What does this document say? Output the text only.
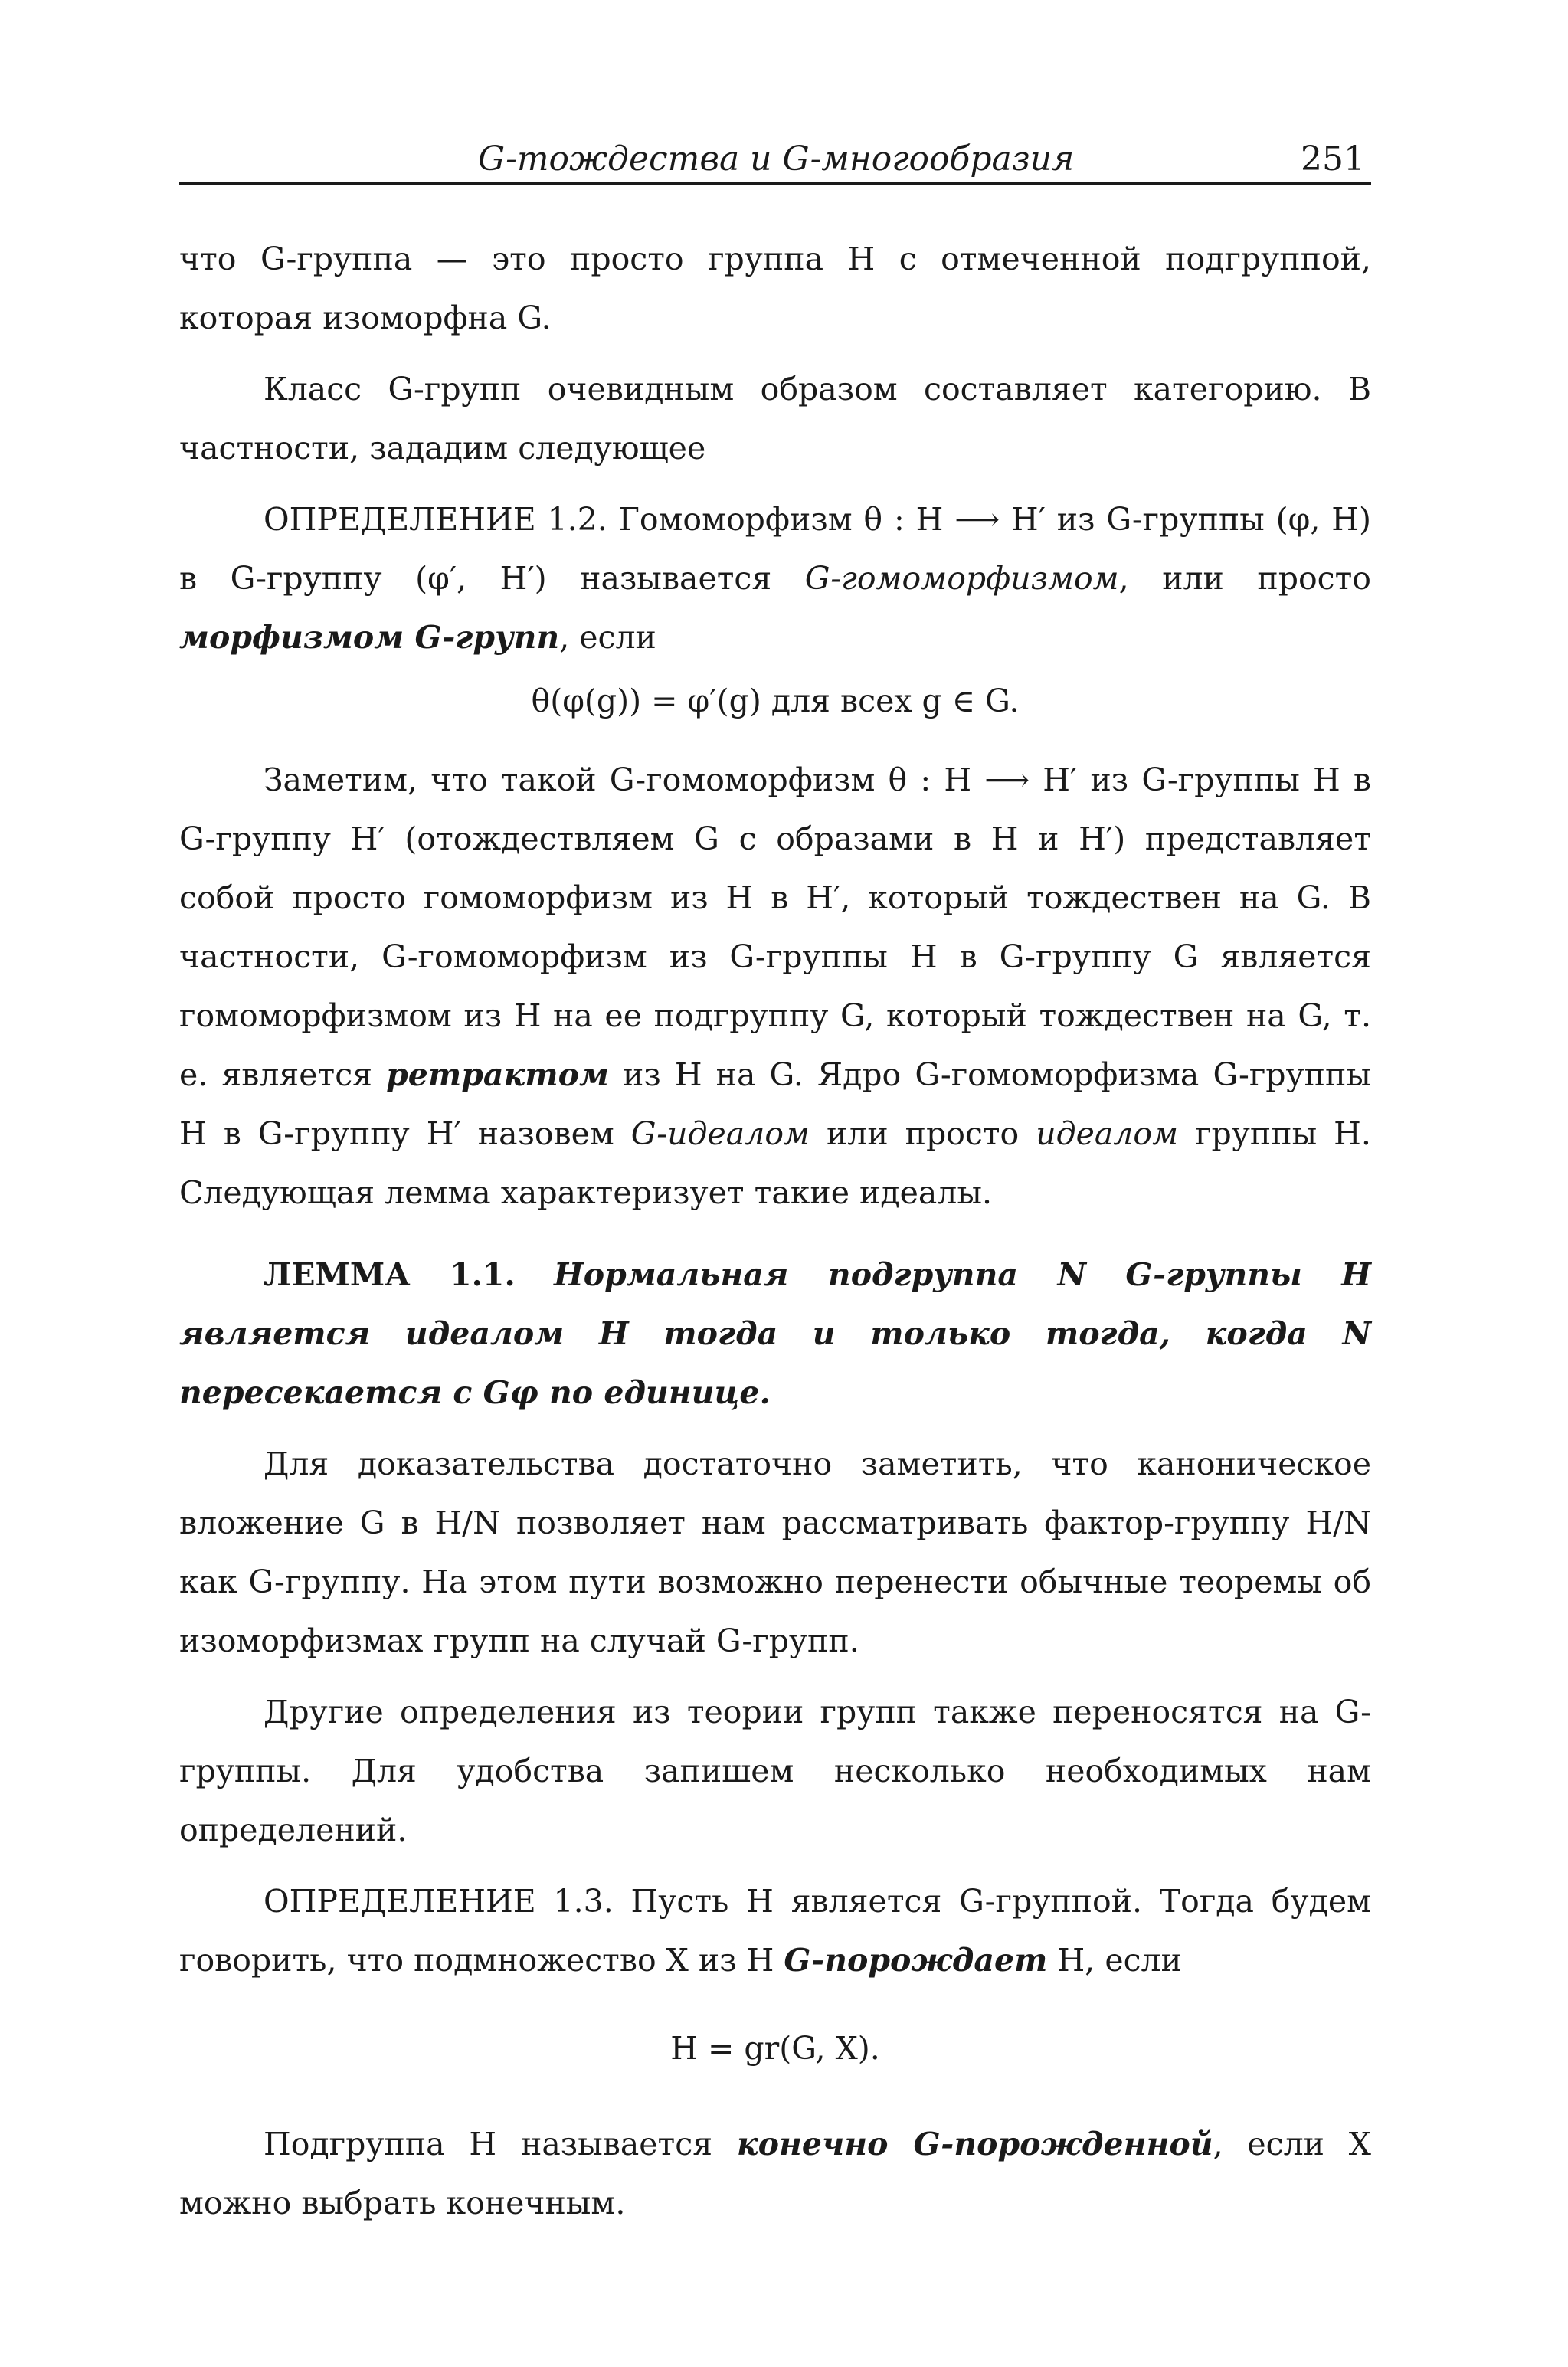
G-тождества и G-многообразия	251

что G-группа — это просто группа H с отмеченной подгруппой, которая изоморфна G.

Класс G-групп очевидным образом составляет категорию. В частности, зададим следующее

ОПРЕДЕЛЕНИЕ 1.2. Гомоморфизм θ : H ⟶ H′ из G-группы (φ, H) в G-группу (φ′, H′) называется G-гомоморфизмом, или просто морфизмом G-групп, если

θ(φ(g)) = φ′(g) для всех g ∈ G.

Заметим, что такой G-гомоморфизм θ : H ⟶ H′ из G-группы H в G-группу H′ (отождествляем G с образами в H и H′) представляет собой просто гомоморфизм из H в H′, который тождествен на G. В частности, G-гомоморфизм из G-группы H в G-группу G является гомоморфизмом из H на ее подгруппу G, который тождествен на G, т. е. является ретрактом из H на G. Ядро G-гомоморфизма G-группы H в G-группу H′ назовем G-идеалом или просто идеалом группы H. Следующая лемма характеризует такие идеалы.

ЛЕММА 1.1. Нормальная подгруппа N G-группы H является идеалом H тогда и только тогда, когда N пересекается с Gφ по единице.

Для доказательства достаточно заметить, что каноническое вложение G в H/N позволяет нам рассматривать фактор-группу H/N как G-группу. На этом пути возможно перенести обычные теоремы об изоморфизмах групп на случай G-групп.

Другие определения из теории групп также переносятся на G-группы. Для удобства запишем несколько необходимых нам определений.

ОПРЕДЕЛЕНИЕ 1.3. Пусть H является G-группой. Тогда будем говорить, что подмножество X из H G-порождает H, если

H = gr(G, X).

Подгруппа H называется конечно G-порожденной, если X можно выбрать конечным.
